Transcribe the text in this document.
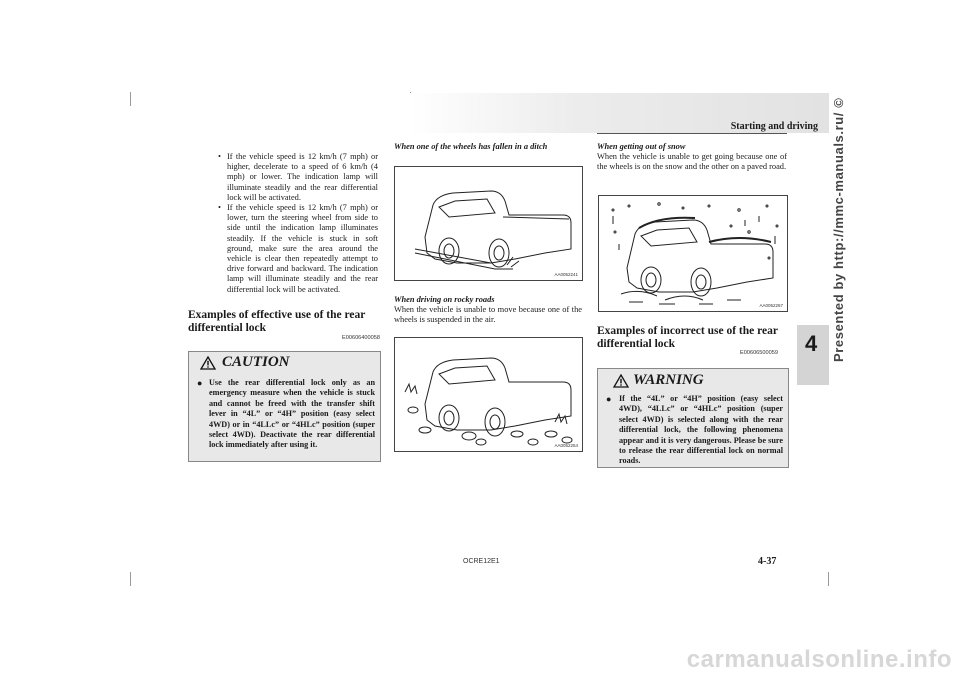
Starting and driving
4 Presented by http://mmc-manuals.ru/ ©
• If the vehicle speed is 12 km/h (7 mph) or higher, decelerate to a speed of 6 km/h (4 mph) or lower. The indication lamp will illuminate steadily and the rear differential lock will be activated.
• If the vehicle speed is 12 km/h (7 mph) or lower, turn the steering wheel from side to side until the indication lamp illuminates steadily. If the vehicle is stuck in soft ground, make sure the area around the vehicle is clear then repeatedly attempt to drive forward and backward. The indication lamp will illuminate steadily and the rear differential lock will be activated.
Examples of effective use of the rear
differential lock
E00606400058
CAUTION
● Use the rear differential lock only as an emergency measure when the vehicle is stuck and cannot be freed with the transfer shift lever in “4L” or “4H” position (easy select 4WD) or in “4LLc” or “4HLc” position (super select 4WD). Deactivate the rear differential lock immediately after using it.
When one of the wheels has fallen in a ditch
AA0052241
When driving on rocky roads
When the vehicle is unable to move because one of the wheels is suspended in the air.
AA0052254
When getting out of snow
When the vehicle is unable to get going because one of the wheels is on the snow and the other on a paved road.
AA0052267
Examples of incorrect use of the rear
differential lock
E00606500059
WARNING
● If the “4L” or “4H” position (easy select 4WD), “4LLc” or “4HLc” position (super select 4WD) is selected along with the rear differential lock, the following phenomena appear and it is very dangerous. Please be sure to release the rear differential lock on normal roads.
OCRE12E1	4-37
carmanualsonline.info
